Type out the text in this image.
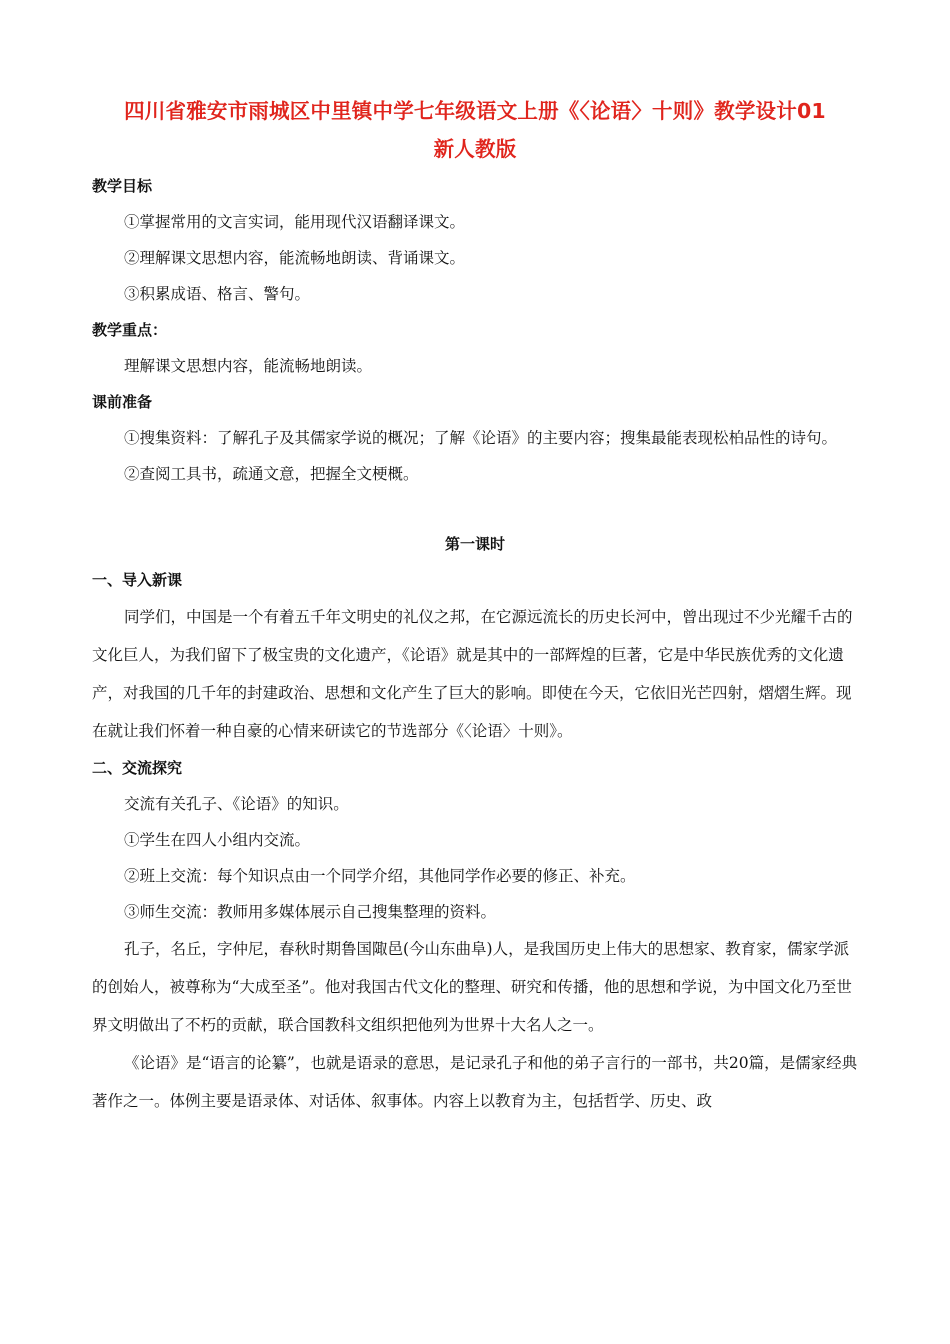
四川省雅安市雨城区中里镇中学七年级语文上册《〈论语〉十则》教学设计01

新人教版

教学目标

①掌握常用的文言实词，能用现代汉语翻译课文。

②理解课文思想内容，能流畅地朗读、背诵课文。

③积累成语、格言、警句。

教学重点：

理解课文思想内容，能流畅地朗读。

课前准备

①搜集资料：了解孔子及其儒家学说的概况；了解《论语》的主要内容；搜集最能表现松柏品性的诗句。

②查阅工具书，疏通文意，把握全文梗概。

第一课时

一、导入新课

同学们，中国是一个有着五千年文明史的礼仪之邦，在它源远流长的历史长河中，曾出现过不少光耀千古的文化巨人，为我们留下了极宝贵的文化遗产，《论语》就是其中的一部辉煌的巨著，它是中华民族优秀的文化遗产，对我国的几千年的封建政治、思想和文化产生了巨大的影响。即使在今天，它依旧光芒四射，熠熠生辉。现在就让我们怀着一种自豪的心情来研读它的节选部分《〈论语〉十则》。

二、交流探究

交流有关孔子、《论语》的知识。

①学生在四人小组内交流。

②班上交流：每个知识点由一个同学介绍，其他同学作必要的修正、补充。

③师生交流：教师用多媒体展示自己搜集整理的资料。

孔子，名丘，字仲尼，春秋时期鲁国陬邑(今山东曲阜)人，是我国历史上伟大的思想家、教育家，儒家学派的创始人，被尊称为“大成至圣”。他对我国古代文化的整理、研究和传播，他的思想和学说，为中国文化乃至世界文明做出了不朽的贡献，联合国教科文组织把他列为世界十大名人之一。

《论语》是“语言的论纂”，也就是语录的意思，是记录孔子和他的弟子言行的一部书，共20篇，是儒家经典著作之一。体例主要是语录体、对话体、叙事体。内容上以教育为主，包括哲学、历史、政
